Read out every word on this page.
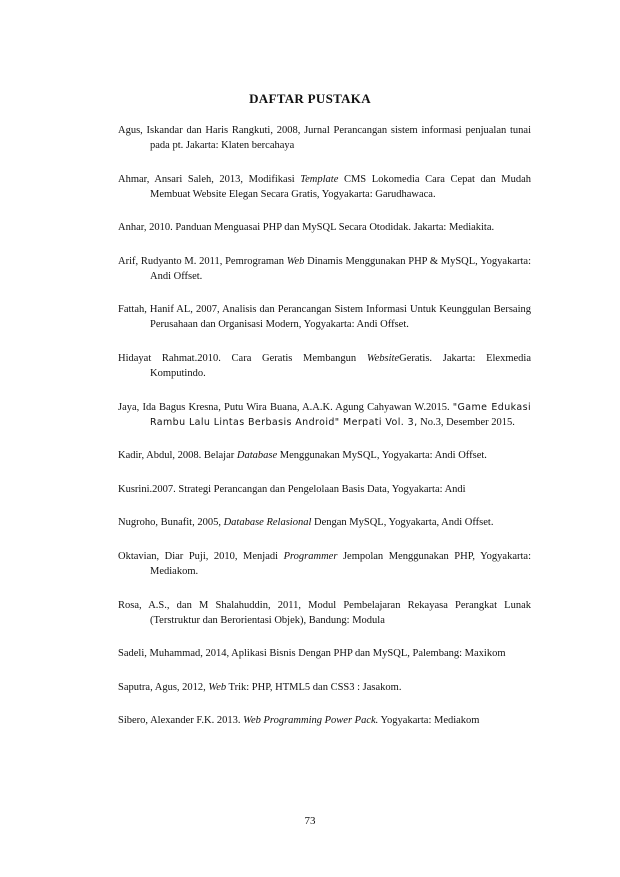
DAFTAR PUSTAKA

Agus, Iskandar dan Haris Rangkuti, 2008, Jurnal Perancangan sistem informasi penjualan tunai pada pt. Jakarta: Klaten bercahaya

Ahmar, Ansari Saleh, 2013, Modifikasi Template CMS Lokomedia Cara Cepat dan Mudah Membuat Website Elegan Secara Gratis, Yogyakarta: Garudhawaca.

Anhar, 2010. Panduan Menguasai PHP dan MySQL Secara Otodidak. Jakarta: Mediakita.

Arif, Rudyanto M. 2011, Pemrograman Web Dinamis Menggunakan PHP & MySQL, Yogyakarta: Andi Offset.

Fattah, Hanif AL, 2007, Analisis dan Perancangan Sistem Informasi Untuk Keunggulan Bersaing Perusahaan dan Organisasi Modern, Yogyakarta: Andi Offset.

Hidayat Rahmat.2010. Cara Geratis Membangun WebsiteGeratis. Jakarta: Elexmedia Komputindo.

Jaya, Ida Bagus Kresna, Putu Wira Buana, A.A.K. Agung Cahyawan W.2015. "Game Edukasi Rambu Lalu Lintas Berbasis Android" Merpati Vol. 3, No.3, Desember 2015.

Kadir, Abdul, 2008. Belajar Database Menggunakan MySQL, Yogyakarta: Andi Offset.

Kusrini.2007. Strategi Perancangan dan Pengelolaan Basis Data, Yogyakarta: Andi

Nugroho, Bunafit, 2005, Database Relasional Dengan MySQL, Yogyakarta, Andi Offset.

Oktavian, Diar Puji, 2010, Menjadi Programmer Jempolan Menggunakan PHP, Yogyakarta: Mediakom.

Rosa, A.S., dan M Shalahuddin, 2011, Modul Pembelajaran Rekayasa Perangkat Lunak (Terstruktur dan Berorientasi Objek), Bandung: Modula

Sadeli, Muhammad, 2014, Aplikasi Bisnis Dengan PHP dan MySQL, Palembang: Maxikom

Saputra, Agus, 2012, Web Trik: PHP, HTML5 dan CSS3 : Jasakom.

Sibero, Alexander F.K. 2013. Web Programming Power Pack. Yogyakarta: Mediakom

73
